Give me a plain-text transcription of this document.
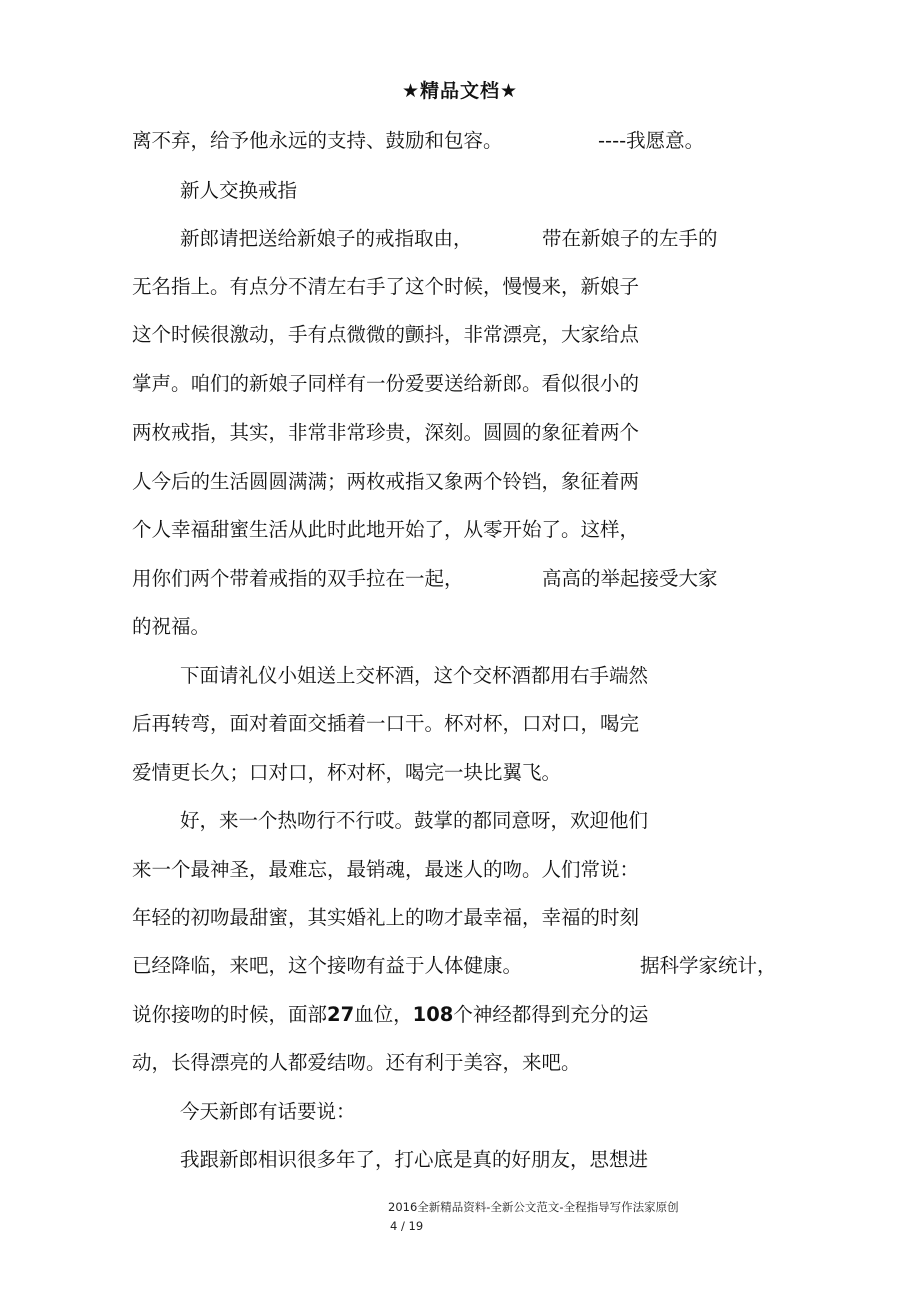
★精品文档★
离不弃，给予他永远的支持、鼓励和包容。	----我愿意。
新人交换戒指
新郎请把送给新娘子的戒指取由，	带在新娘子的左手的
无名指上。有点分不清左右手了这个时候，慢慢来，新娘子
这个时候很激动，手有点微微的颤抖，非常漂亮，大家给点
掌声。咱们的新娘子同样有一份爱要送给新郎。看似很小的
两枚戒指，其实，非常非常珍贵，深刻。圆圆的象征着两个
人今后的生活圆圆满满；两枚戒指又象两个铃铛，象征着两
个人幸福甜蜜生活从此时此地开始了，从零开始了。这样，
用你们两个带着戒指的双手拉在一起，	高高的举起接受大家
的祝福。
下面请礼仪小姐送上交杯酒，这个交杯酒都用右手端然
后再转弯，面对着面交插着一口干。杯对杯，口对口，喝完
爱情更长久；口对口，杯对杯，喝完一块比翼飞。
好，来一个热吻行不行哎。鼓掌的都同意呀，欢迎他们
来一个最神圣，最难忘，最销魂，最迷人的吻。人们常说：
年轻的初吻最甜蜜，其实婚礼上的吻才最幸福，幸福的时刻
已经降临，来吧，这个接吻有益于人体健康。	据科学家统计，
说你接吻的时候，面部27血位，108个神经都得到充分的运
动，长得漂亮的人都爱结吻。还有利于美容，来吧。
今天新郎有话要说：
我跟新郎相识很多年了，打心底是真的好朋友，思想进
2016全新精品资料-全新公文范文-全程指导写作法家原创
4 / 19
